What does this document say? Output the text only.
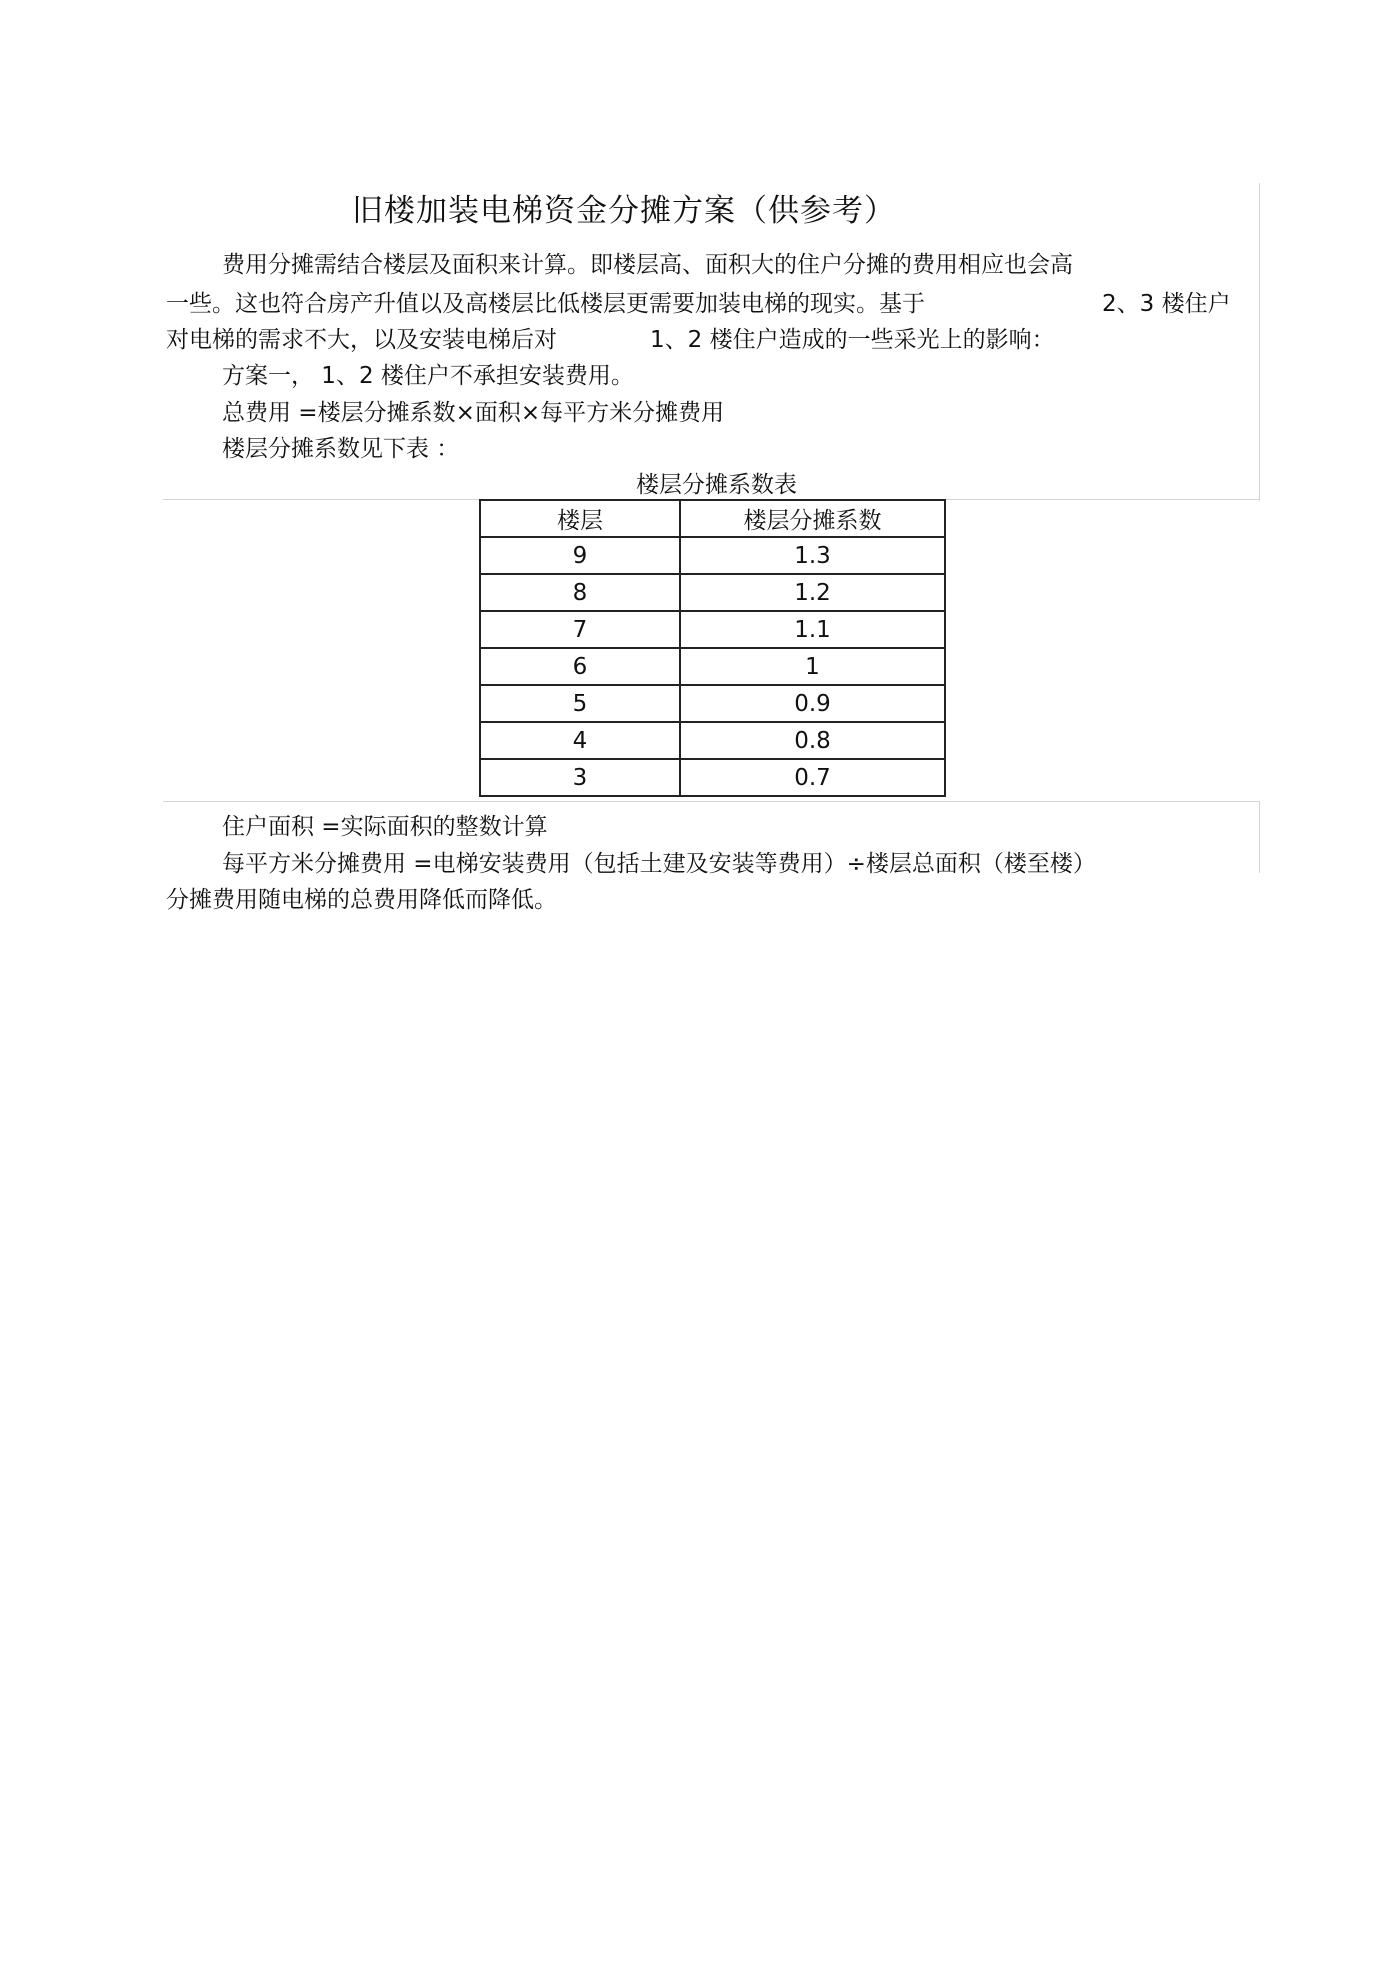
旧楼加装电梯资金分摊方案（供参考）
费用分摊需结合楼层及面积来计算。即楼层高、面积大的住户分摊的费用相应也会高
一些。这也符合房产升值以及高楼层比低楼层更需要加装电梯的现实。基于	2、3 楼住户
对电梯的需求不大，以及安装电梯后对	1、2 楼住户造成的一些采光上的影响：
方案一， 1、2 楼住户不承担安装费用。
总费用 =楼层分摊系数×面积×每平方米分摊费用
楼层分摊系数见下表 ：
楼层分摊系数表
楼层	楼层分摊系数
9	1.3
8	1.2
7	1.1
6	1
5	0.9
4	0.8
3	0.7
住户面积 =实际面积的整数计算
每平方米分摊费用 =电梯安装费用（包括土建及安装等费用）÷楼层总面积（楼至楼）
分摊费用随电梯的总费用降低而降低。
